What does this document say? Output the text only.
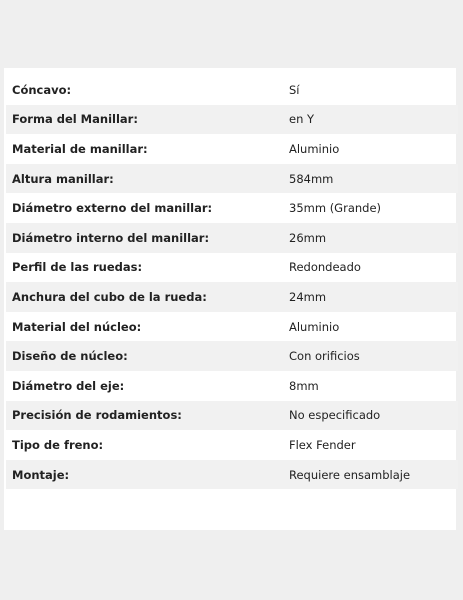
Cóncavo:	Sí
Forma del Manillar:	en Y
Material de manillar:	Aluminio
Altura manillar:	584mm
Diámetro externo del manillar:	35mm (Grande)
Diámetro interno del manillar:	26mm
Perfil de las ruedas:	Redondeado
Anchura del cubo de la rueda:	24mm
Material del núcleo:	Aluminio
Diseño de núcleo:	Con orificios
Diámetro del eje:	8mm
Precisión de rodamientos:	No especificado
Tipo de freno:	Flex Fender
Montaje:	Requiere ensamblaje
